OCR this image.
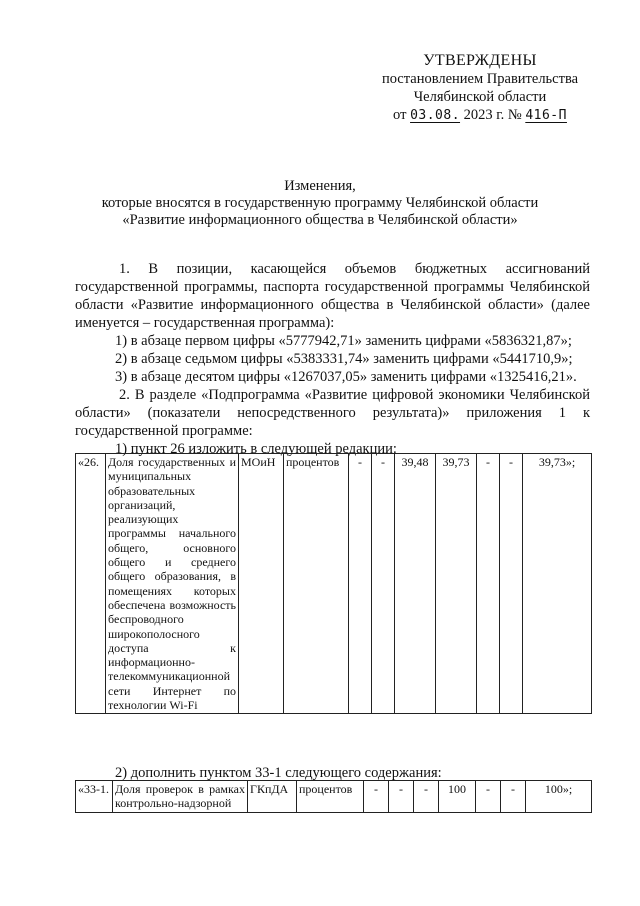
УТВЕРЖДЕНЫ
постановлением Правительства
Челябинской области
от 03.08. 2023 г. № 416-П
Изменения,
которые вносятся в государственную программу Челябинской области
«Развитие информационного общества в Челябинской области»

1. В позиции, касающейся объемов бюджетных ассигнований государственной программы, паспорта государственной программы Челябинской области «Развитие информационного общества в Челябинской области» (далее именуется – государственная программа):

1) в абзаце первом цифры «5777942,71» заменить цифрами «5836321,87»;

2) в абзаце седьмом цифры «5383331,74» заменить цифрами «5441710,9»;

3) в абзаце десятом цифры «1267037,05» заменить цифрами «1325416,21».

2. В разделе «Подпрограмма «Развитие цифровой экономики Челябинской области» (показатели непосредственного результата)» приложения 1 к государственной программе:

1) пункт 26 изложить в следующей редакции:

«26.	Доля государственных и муниципальных образовательных организаций, реализующих программы начального общего, основного общего и среднего общего образования, в помещениях которых обеспечена возможность беспроводного широкополосного доступа к информационно-телекоммуникационной сети Интернет по технологии Wi-Fi	МОиН	процентов	-	-	39,48	39,73	-	-	39,73»;
2) дополнить пунктом 33-1 следующего содержания:
«33-1.	Доля проверок в рамках контрольно-надзорной	ГКпДА	процентов	-	-	-	100	-	-	100»;
